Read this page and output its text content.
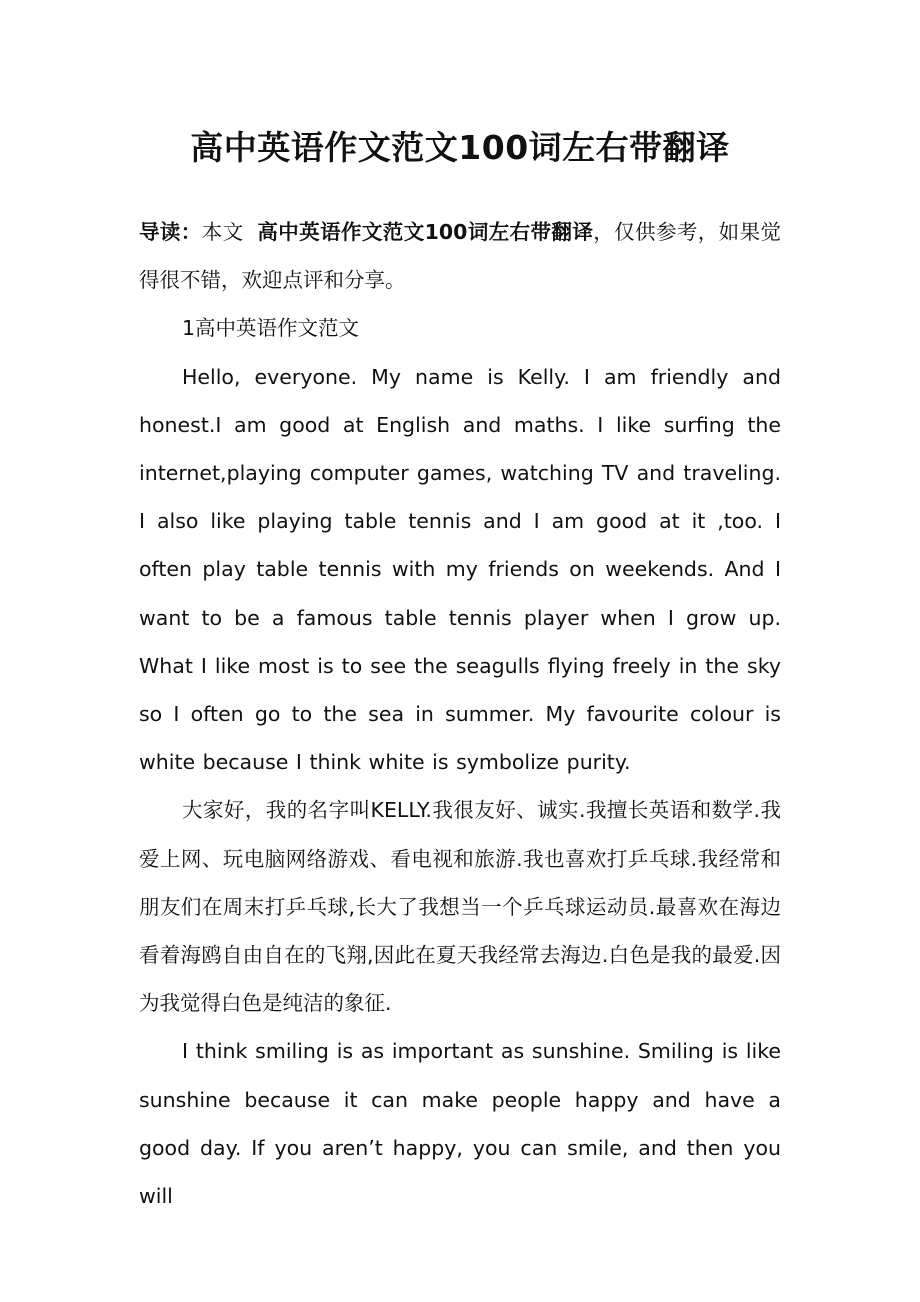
高中英语作文范文100词左右带翻译

导读：本文 高中英语作文范文100词左右带翻译，仅供参考，如果觉得很不错，欢迎点评和分享。

1高中英语作文范文

Hello, everyone. My name is Kelly. I am friendly and honest.I am good at English and maths. I like surfing the internet,playing computer games, watching TV and traveling. I also like playing table tennis and I am good at it ,too. I often play table tennis with my friends on weekends. And I want to be a famous table tennis player when I grow up. What I like most is to see the seagulls flying freely in the sky so I often go to the sea in summer. My favourite colour is white because I think white is symbolize purity.

大家好，我的名字叫KELLY.我很友好、诚实.我擅长英语和数学.我爱上网、玩电脑网络游戏、看电视和旅游.我也喜欢打乒乓球.我经常和朋友们在周末打乒乓球,长大了我想当一个乒乓球运动员.最喜欢在海边看着海鸥自由自在的飞翔,因此在夏天我经常去海边.白色是我的最爱.因为我觉得白色是纯洁的象征.

I think smiling is as important as sunshine. Smiling is like sunshine because it can make people happy and have a good day. If you aren’t happy, you can smile, and then you will
